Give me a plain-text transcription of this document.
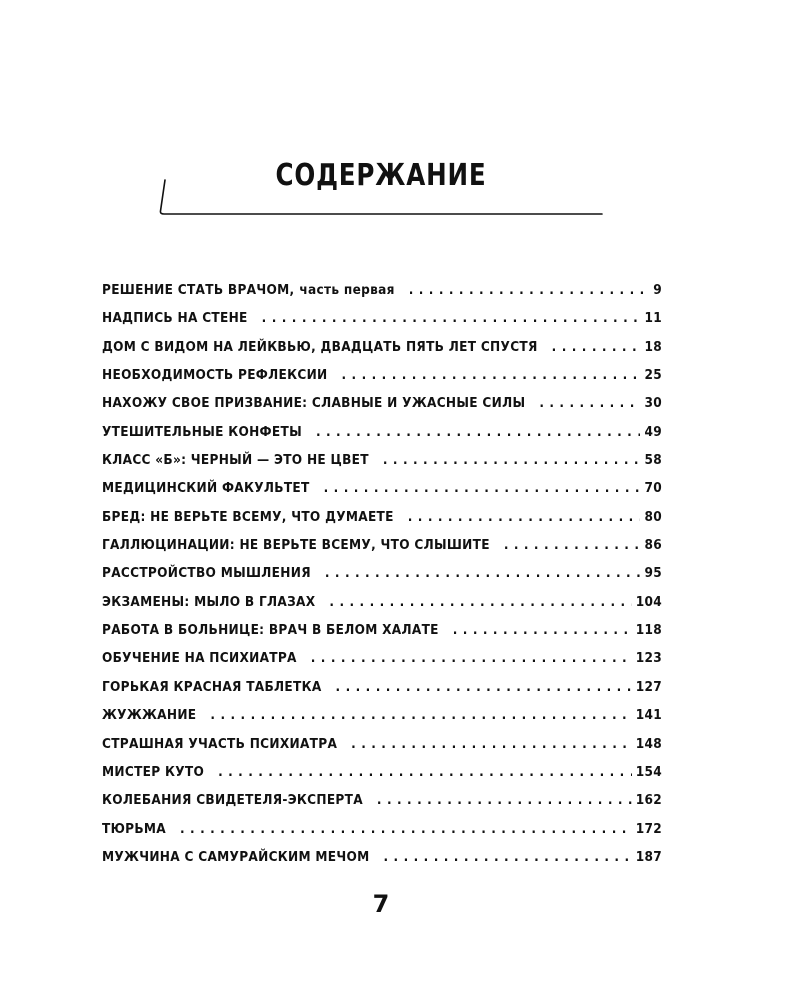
СОДЕРЖАНИЕ
РЕШЕНИЕ СТАТЬ ВРАЧОМ, часть первая . . .	9
НАДПИСЬ НА СТЕНЕ . . .	11
ДОМ С ВИДОМ НА ЛЕЙКВЬЮ, ДВАДЦАТЬ ПЯТЬ ЛЕТ СПУСТЯ . . .	18
НЕОБХОДИМОСТЬ РЕФЛЕКСИИ . . .	25
НАХОЖУ СВОЕ ПРИЗВАНИЕ: СЛАВНЫЕ И УЖАСНЫЕ СИЛЫ . . .	30
УТЕШИТЕЛЬНЫЕ КОНФЕТЫ . . .	49
КЛАСС «Б»: ЧЕРНЫЙ — ЭТО НЕ ЦВЕТ . . .	58
МЕДИЦИНСКИЙ ФАКУЛЬТЕТ . . .	70
БРЕД: НЕ ВЕРЬТЕ ВСЕМУ, ЧТО ДУМАЕТЕ . . .	80
ГАЛЛЮЦИНАЦИИ: НЕ ВЕРЬТЕ ВСЕМУ, ЧТО СЛЫШИТЕ . . .	86
РАССТРОЙСТВО МЫШЛЕНИЯ . . .	95
ЭКЗАМЕНЫ: МЫЛО В ГЛАЗАХ . . .	104
РАБОТА В БОЛЬНИЦЕ: ВРАЧ В БЕЛОМ ХАЛАТЕ . . .	118
ОБУЧЕНИЕ НА ПСИХИАТРА . . .	123
ГОРЬКАЯ КРАСНАЯ ТАБЛЕТКА . . .	127
ЖУЖЖАНИЕ . . .	141
СТРАШНАЯ УЧАСТЬ ПСИХИАТРА . . .	148
МИСТЕР КУТО . . .	154
КОЛЕБАНИЯ СВИДЕТЕЛЯ-ЭКСПЕРТА . . .	162
ТЮРЬМА . . .	172
МУЖЧИНА С САМУРАЙСКИМ МЕЧОМ . . .	187
7
